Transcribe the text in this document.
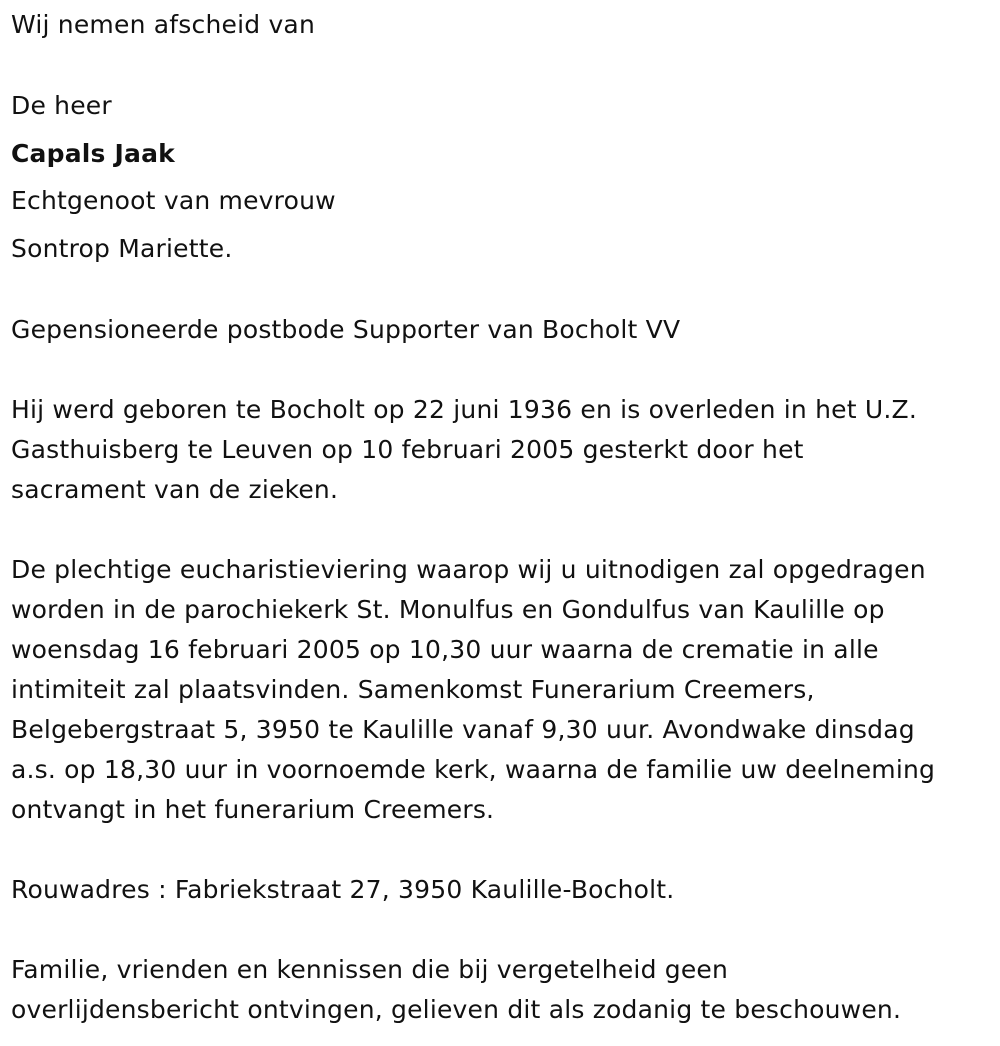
Wij nemen afscheid van
De heer
Capals Jaak
Echtgenoot van mevrouw
Sontrop Mariette.
Gepensioneerde postbode Supporter van Bocholt VV
Hij werd geboren te Bocholt op 22 juni 1936 en is overleden in het U.Z.
Gasthuisberg te Leuven op 10 februari 2005 gesterkt door het
sacrament van de zieken.
De plechtige eucharistieviering waarop wij u uitnodigen zal opgedragen
worden in de parochiekerk St. Monulfus en Gondulfus van Kaulille op
woensdag 16 februari 2005 op 10,30 uur waarna de crematie in alle
intimiteit zal plaatsvinden. Samenkomst Funerarium Creemers,
Belgebergstraat 5, 3950 te Kaulille vanaf 9,30 uur. Avondwake dinsdag
a.s. op 18,30 uur in voornoemde kerk, waarna de familie uw deelneming
ontvangt in het funerarium Creemers.
Rouwadres : Fabriekstraat 27, 3950 Kaulille-Bocholt.
Familie, vrienden en kennissen die bij vergetelheid geen
overlijdensbericht ontvingen, gelieven dit als zodanig te beschouwen.
